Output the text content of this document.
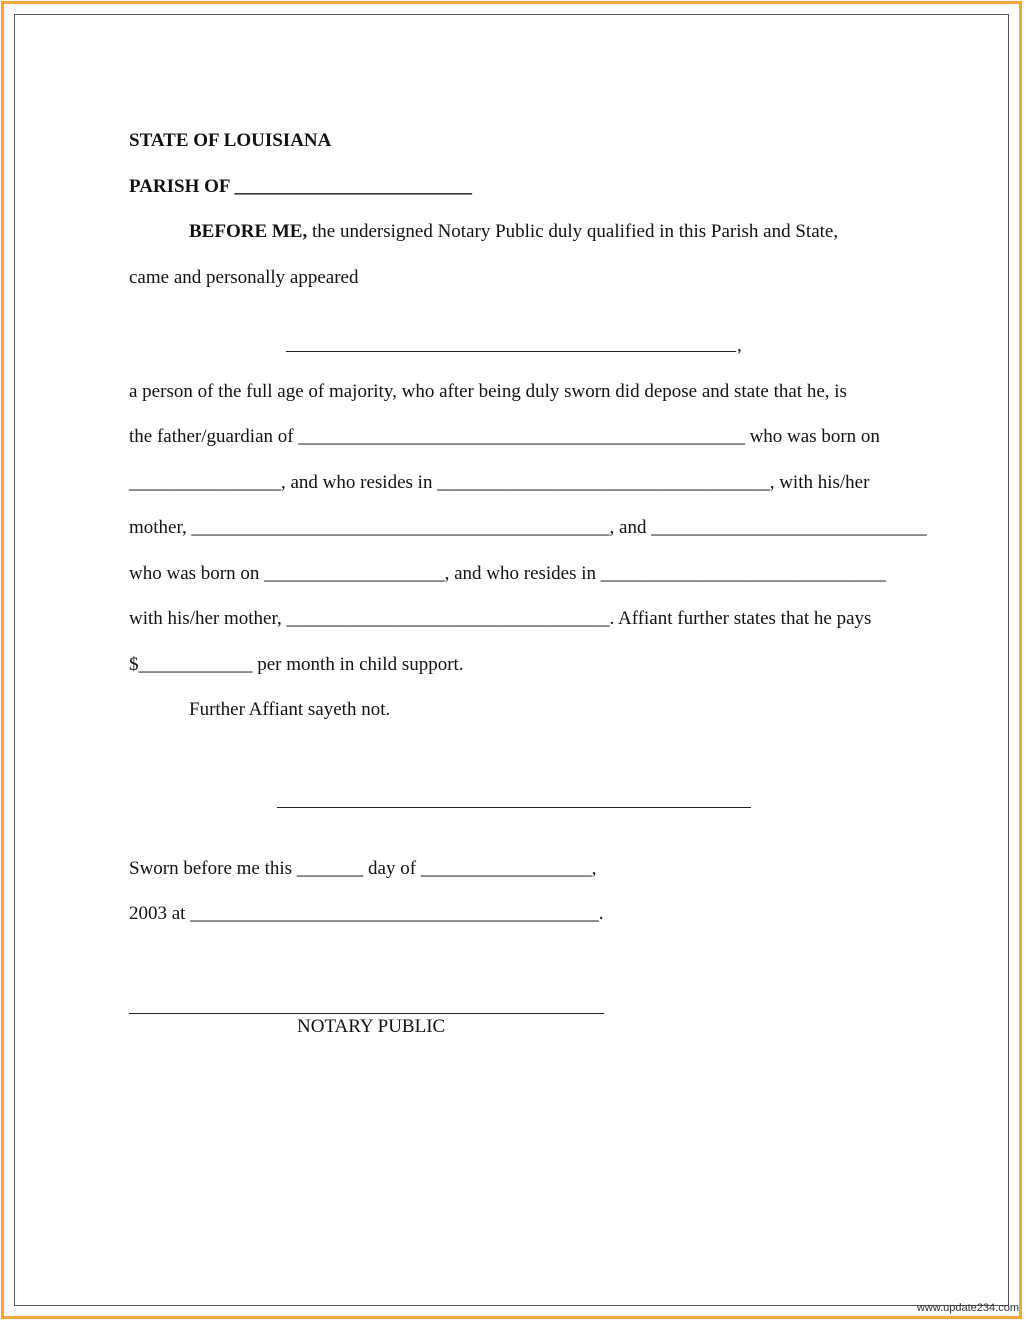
STATE OF LOUISIANA

PARISH OF _________________________

BEFORE ME, the undersigned Notary Public duly qualified in this Parish and State,

came and personally appeared

,

a person of the full age of majority, who after being duly sworn did depose and state that he, is

the father/guardian of _______________________________________________ who was born on

________________, and who resides in ___________________________________, with his/her

mother, ____________________________________________, and _____________________________

who was born on ___________________, and who resides in ______________________________

with his/her mother, __________________________________. Affiant further states that he pays

$____________ per month in child support.

Further Affiant sayeth not.

Sworn before me this _______ day of __________________,

2003 at ___________________________________________.

NOTARY PUBLIC

www.update234.com
